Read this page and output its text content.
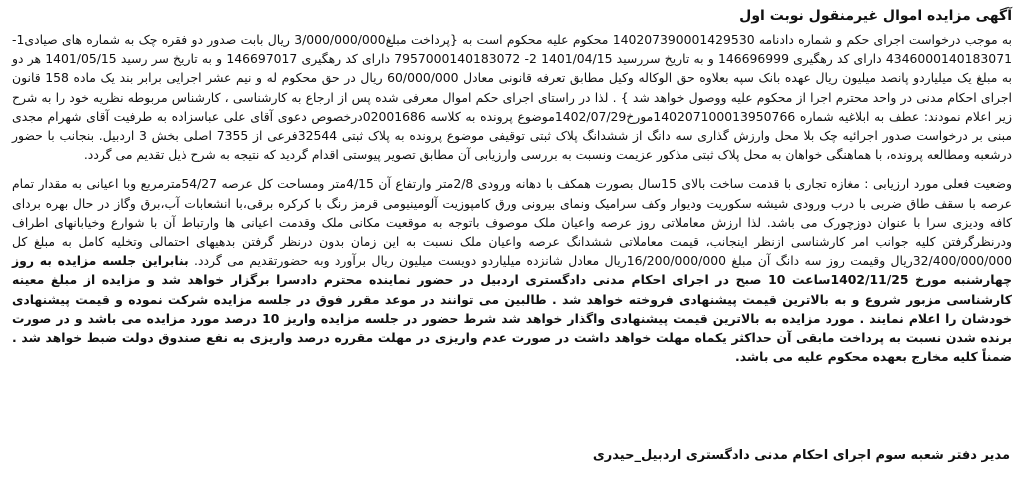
آگهی مزایده اموال غیرمنقول نوبت اول

به موجب درخواست اجرای حکم و شماره دادنامه 140207390001429530 محکوم علیه محکوم است به {پرداخت مبلغ3/000/000/000 ریال بابت صدور دو فقره چک به شماره های صیادی1-4346000140183071 دارای کد رهگیری 146696999 و به تاریخ سررسید 1401/04/15 2- 7957000140183072 دارای کد رهگیری 146697017 و به تاریخ سر رسید 1401/05/15 هر دو به مبلغ یک میلیاردو پانصد میلیون ریال عهده بانک سپه بعلاوه حق الوکاله وکیل مطابق تعرفه قانونی معادل 60/000/000 ریال در حق محکوم له و نیم عشر اجرایی برابر بند یک ماده 158 قانون اجرای احکام مدنی در واحد محترم اجرا از محکوم علیه ووصول خواهد شد } . لذا در راستای اجرای حکم اموال معرفی شده پس از ارجاع به کارشناسی ، کارشناس مربوطه نظریه خود را به شرح زیر اعلام نمودند: عطف به ابلاغیه شماره 140207100013950766مورخ1402/07/29موضوع پرونده به کلاسه 02001686درخصوص دعوی آقای علی عباسزاده به طرفیت آقای شهرام مجدی مبنی بر درخواست صدور اجرائیه چک بلا محل وارزش گذاری سه دانگ از ششدانگ پلاک ثبتی توقیفی موضوع پرونده به پلاک ثبتی 32544فرعی از 7355 اصلی بخش 3 اردبیل. بنجانب با حضور درشعبه ومطالعه پرونده، با هماهنگی خواهان به محل پلاک ثبتی مذکور عزیمت ونسبت به بررسی وارزیابی آن مطابق تصویر پیوستی اقدام گردید که نتیجه به شرح ذیل تقدیم می گردد.

وضعیت فعلی مورد ارزیابی : مغازه تجاری با قدمت ساخت بالای 15سال بصورت همکف با دهانه ورودی 2/8متر وارتفاع آن 4/15متر ومساحت کل عرصه 54/27مترمربع وبا اعیانی به مقدار تمام عرصه با سقف طاق ضربی با درب ورودی شیشه سکوریت ودیوار وکف سرامیک ونمای بیرونی ورق کامپوزیت آلومینیومی قرمز رنگ با کرکره برقی،با انشعابات آب،برق وگاز در حال بهره بردای کافه ودیزی سرا با عنوان دوزچورک می باشد. لذا ارزش معاملاتی روز عرصه واعیان ملک موصوف باتوجه به موقعیت مکانی ملک وقدمت اعیانی ها وارتباط آن با شوارع وخیابانهای اطراف ودرنظرگرفتن کلیه جوانب امر کارشناسی ازنظر اینجانب، قیمت معاملاتی ششدانگ عرصه واعیان ملک نسبت به این زمان بدون درنظر گرفتن بدهیهای احتمالی وتخلیه کامل به مبلغ کل 32/400/000/000ریال وقیمت روز سه دانگ آن مبلغ 16/200/000/000ریال معادل شانزده میلیاردو دویست میلیون ریال برآورد وبه حضورتقدیم می گردد. بنابراین جلسه مزایده به روز چهارشنبه مورخ 1402/11/25ساعت 10 صبح در اجرای احکام مدنی دادگستری اردبیل در حضور نماینده محترم دادسرا برگزار خواهد شد و مزایده از مبلغ معینه کارشناسی مزبور شروع و به بالاترین قیمت پیشنهادی فروخته خواهد شد . طالبین می توانند در موعد مقرر فوق در جلسه مزایده شرکت نموده و قیمت پیشنهادی خودشان را اعلام نمایند . مورد مزایده به بالاترین قیمت پیشنهادی واگذار خواهد شد شرط حضور در جلسه مزایده واریز 10 درصد مورد مزایده می باشد و در صورت برنده شدن نسبت به پرداخت مابقی آن حداکثر یکماه مهلت خواهد داشت در صورت عدم واریزی در مهلت مقرره درصد واریزی به نفع صندوق دولت ضبط خواهد شد . ضمناً کلیه مخارج بعهده محکوم علیه می باشد.

مدیر دفتر شعبه سوم اجرای احکام مدنی دادگستری اردبیل_حیدری
